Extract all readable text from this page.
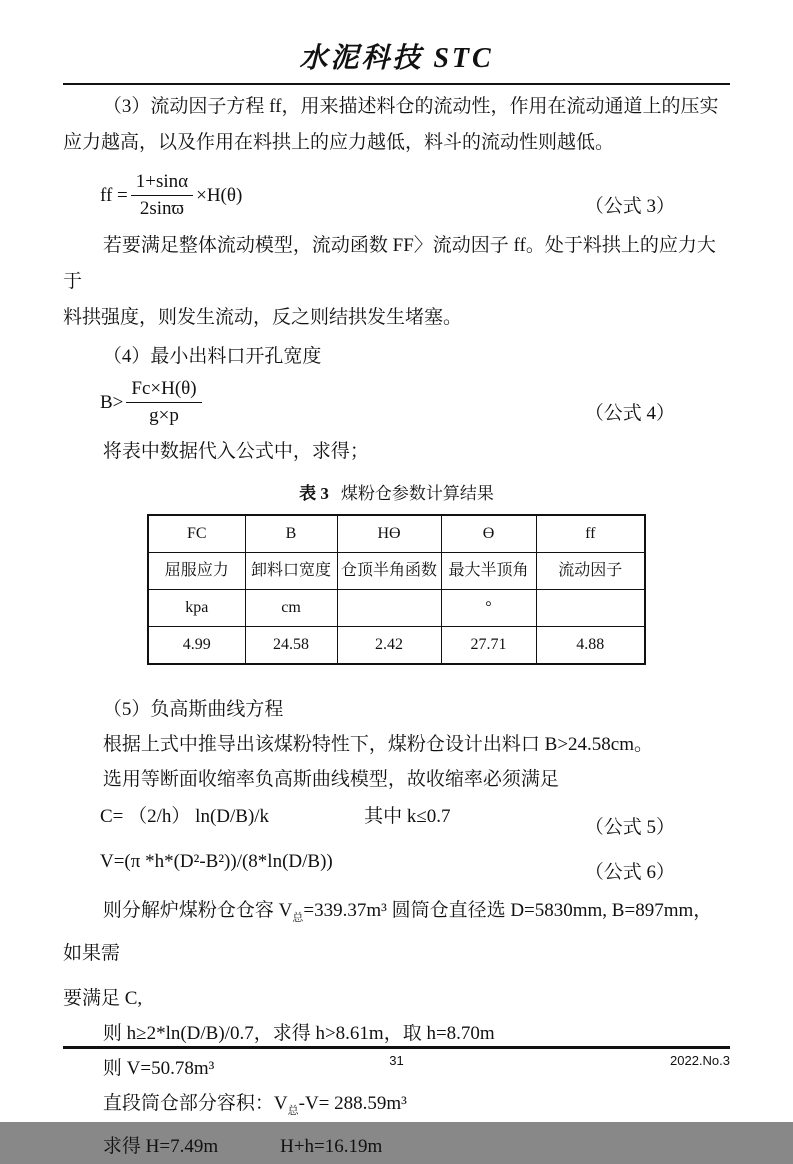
水泥科技 STC

（3）流动因子方程 ff，用来描述料仓的流动性，作用在流动通道上的压实

应力越高，以及作用在料拱上的应力越低，料斗的流动性则越低。

ff = $\frac{1+\sin\alpha}{2\sin ϖ} \times H(\theta)$
（公式 3）

若要满足整体流动模型，流动函数 FF〉流动因子 ff。处于料拱上的应力大于

料拱强度，则发生流动，反之则结拱发生堵塞。

（4）最小出料口开孔宽度

$B> \frac{Fc\times H(\theta)}{g\times p}$	（公式 4）

将表中数据代入公式中，求得；

表 3 煤粉仓参数计算结果
FC	B	Hϴ	ϴ	ff
屈服应力	卸料口宽度	仓顶半角函数	最大半顶角	流动因子
kpa	cm		°	
4.99	24.58	2.42	27.71	4.88

（5）负高斯曲线方程

根据上式中推导出该煤粉特性下，煤粉仓设计出料口 B>24.58cm。

选用等断面收缩率负高斯曲线模型，故收缩率必须满足

C= （2/h） ln(D/B)/k	其中 k≤0.7
（公式 5）
V=(π *h*(D²-B²))/(8*ln(D/B))
（公式 6）

则分解炉煤粉仓仓容 $V_总=339.37m^3$ 圆筒仓直径选 D=5830mm, B=897mm，如果需

要满足 C,

则 h≥2*ln(D/B)/0.7，求得 h>8.61m，取 h=8.70m

则 V=50.78m³

直段筒仓部分容积：$V_总-V= 288.59m^3$

求得 H=7.49m	H+h=16.19m

31	2022.No.3
